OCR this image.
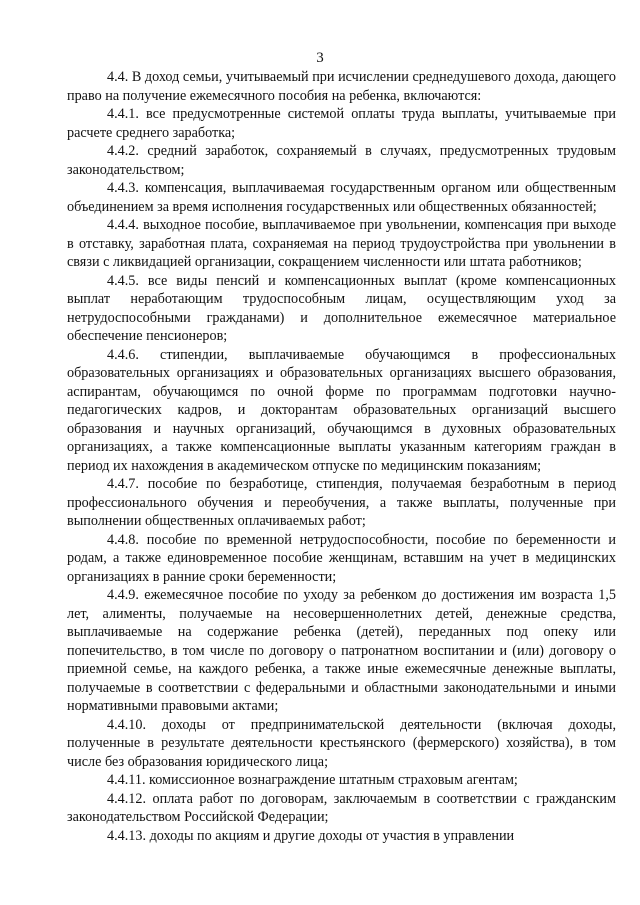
3

4.4. В доход семьи, учитываемый при исчислении среднедушевого дохода, дающего право на получение ежемесячного пособия на ребенка, включаются:

4.4.1. все предусмотренные системой оплаты труда выплаты, учитываемые при расчете среднего заработка;

4.4.2. средний заработок, сохраняемый в случаях, предусмотренных трудовым законодательством;

4.4.3. компенсация, выплачиваемая государственным органом или общественным объединением за время исполнения государственных или общественных обязанностей;

4.4.4. выходное пособие, выплачиваемое при увольнении, компенсация при выходе в отставку, заработная плата, сохраняемая на период трудоустройства при увольнении в связи с ликвидацией организации, сокращением численности или штата работников;

4.4.5. все виды пенсий и компенсационных выплат (кроме компенсационных выплат неработающим трудоспособным лицам, осуществляющим уход за нетрудоспособными гражданами) и дополнительное ежемесячное материальное обеспечение пенсионеров;

4.4.6. стипендии, выплачиваемые обучающимся в профессиональных образовательных организациях и образовательных организациях высшего образования, аспирантам, обучающимся по очной форме по программам подготовки научно-педагогических кадров, и докторантам образовательных организаций высшего образования и научных организаций, обучающимся в духовных образовательных организациях, а также компенсационные выплаты указанным категориям граждан в период их нахождения в академическом отпуске по медицинским показаниям;

4.4.7. пособие по безработице, стипендия, получаемая безработным в период профессионального обучения и переобучения, а также выплаты, полученные при выполнении общественных оплачиваемых работ;

4.4.8. пособие по временной нетрудоспособности, пособие по беременности и родам, а также единовременное пособие женщинам, вставшим на учет в медицинских организациях в ранние сроки беременности;

4.4.9. ежемесячное пособие по уходу за ребенком до достижения им возраста 1,5 лет, алименты, получаемые на несовершеннолетних детей, денежные средства, выплачиваемые на содержание ребенка (детей), переданных под опеку или попечительство, в том числе по договору о патронатном воспитании и (или) договору о приемной семье, на каждого ребенка, а также иные ежемесячные денежные выплаты, получаемые в соответствии с федеральными и областными законодательными и иными нормативными правовыми актами;

4.4.10. доходы от предпринимательской деятельности (включая доходы, полученные в результате деятельности крестьянского (фермерского) хозяйства), в том числе без образования юридического лица;

4.4.11. комиссионное вознаграждение штатным страховым агентам;

4.4.12. оплата работ по договорам, заключаемым в соответствии с гражданским законодательством Российской Федерации;

4.4.13. доходы по акциям и другие доходы от участия в управлении
